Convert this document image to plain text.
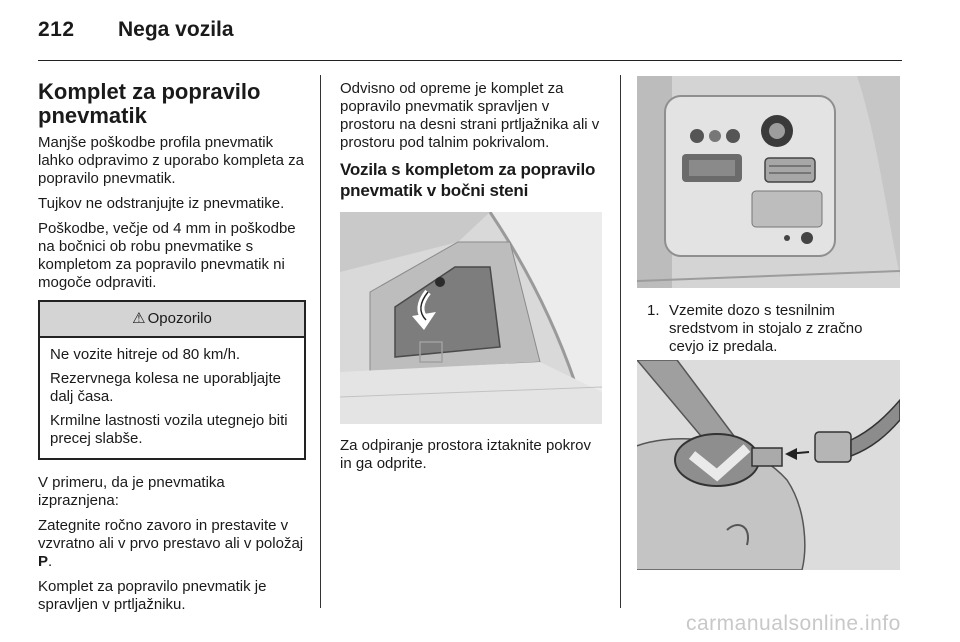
212 Nega vozila
Komplet za popravilo pnevmatik

Manjše poškodbe profila pnevmatik lahko odpravimo z uporabo kompleta za popravilo pnevmatik.

Tujkov ne odstranjujte iz pnevmatike.

Poškodbe, večje od 4 mm in poškodbe na bočnici ob robu pnevmatike s kompletom za popravilo pnevmatik ni mogoče odpraviti.

⚠ Opozorilo

Ne vozite hitreje od 80 km/h.

Rezervnega kolesa ne uporabljajte dalj časa.

Krmilne lastnosti vozila utegnejo biti precej slabše.

V primeru, da je pnevmatika izpraznjena:

Zategnite ročno zavoro in prestavite v vzvratno ali v prvo prestavo ali v položaj P.

Komplet za popravilo pnevmatik je spravljen v prtljažniku.

Odvisno od opreme je komplet za popravilo pnevmatik spravljen v prostoru na desni strani prtljažnika ali v prostoru pod talnim pokrivalom.

Vozila s kompletom za popravilo pnevmatik v bočni steni

Za odpiranje prostora iztaknite pokrov in ga odprite.

1. Vzemite dozo s tesnilnim sredstvom in stojalo z zračno cevjo iz predala.
carmanualsonline.info
